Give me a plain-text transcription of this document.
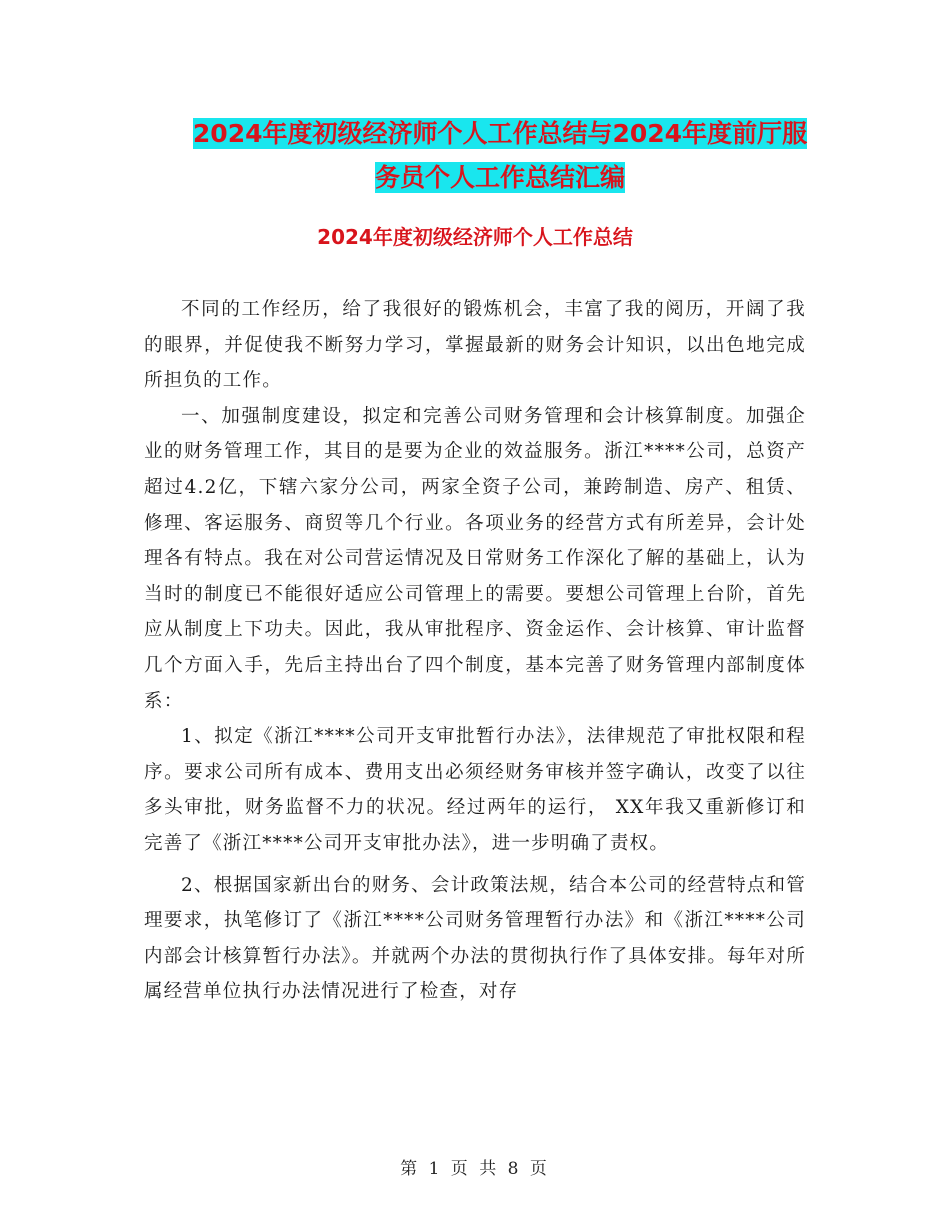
2024年度初级经济师个人工作总结与2024年度前厅服
务员个人工作总结汇编
2024年度初级经济师个人工作总结

不同的工作经历，给了我很好的锻炼机会，丰富了我的阅历，开阔了我的眼界，并促使我不断努力学习，掌握最新的财务会计知识，以出色地完成所担负的工作。

一、加强制度建设，拟定和完善公司财务管理和会计核算制度。加强企业的财务管理工作，其目的是要为企业的效益服务。浙江****公司，总资产超过4.2亿，下辖六家分公司，两家全资子公司，兼跨制造、房产、租赁、修理、客运服务、商贸等几个行业。各项业务的经营方式有所差异，会计处理各有特点。我在对公司营运情况及日常财务工作深化了解的基础上，认为当时的制度已不能很好适应公司管理上的需要。要想公司管理上台阶，首先应从制度上下功夫。因此，我从审批程序、资金运作、会计核算、审计监督几个方面入手，先后主持出台了四个制度，基本完善了财务管理内部制度体系：

1、拟定《浙江****公司开支审批暂行办法》，法律规范了审批权限和程序。要求公司所有成本、费用支出必须经财务审核并签字确认，改变了以往多头审批，财务监督不力的状况。经过两年的运行， XX年我又重新修订和完善了《浙江****公司开支审批办法》，进一步明确了责权。

2、根据国家新出台的财务、会计政策法规，结合本公司的经营特点和管理要求，执笔修订了《浙江****公司财务管理暂行办法》和《浙江****公司内部会计核算暂行办法》。并就两个办法的贯彻执行作了具体安排。每年对所属经营单位执行办法情况进行了检查，对存

第 1 页 共 8 页
